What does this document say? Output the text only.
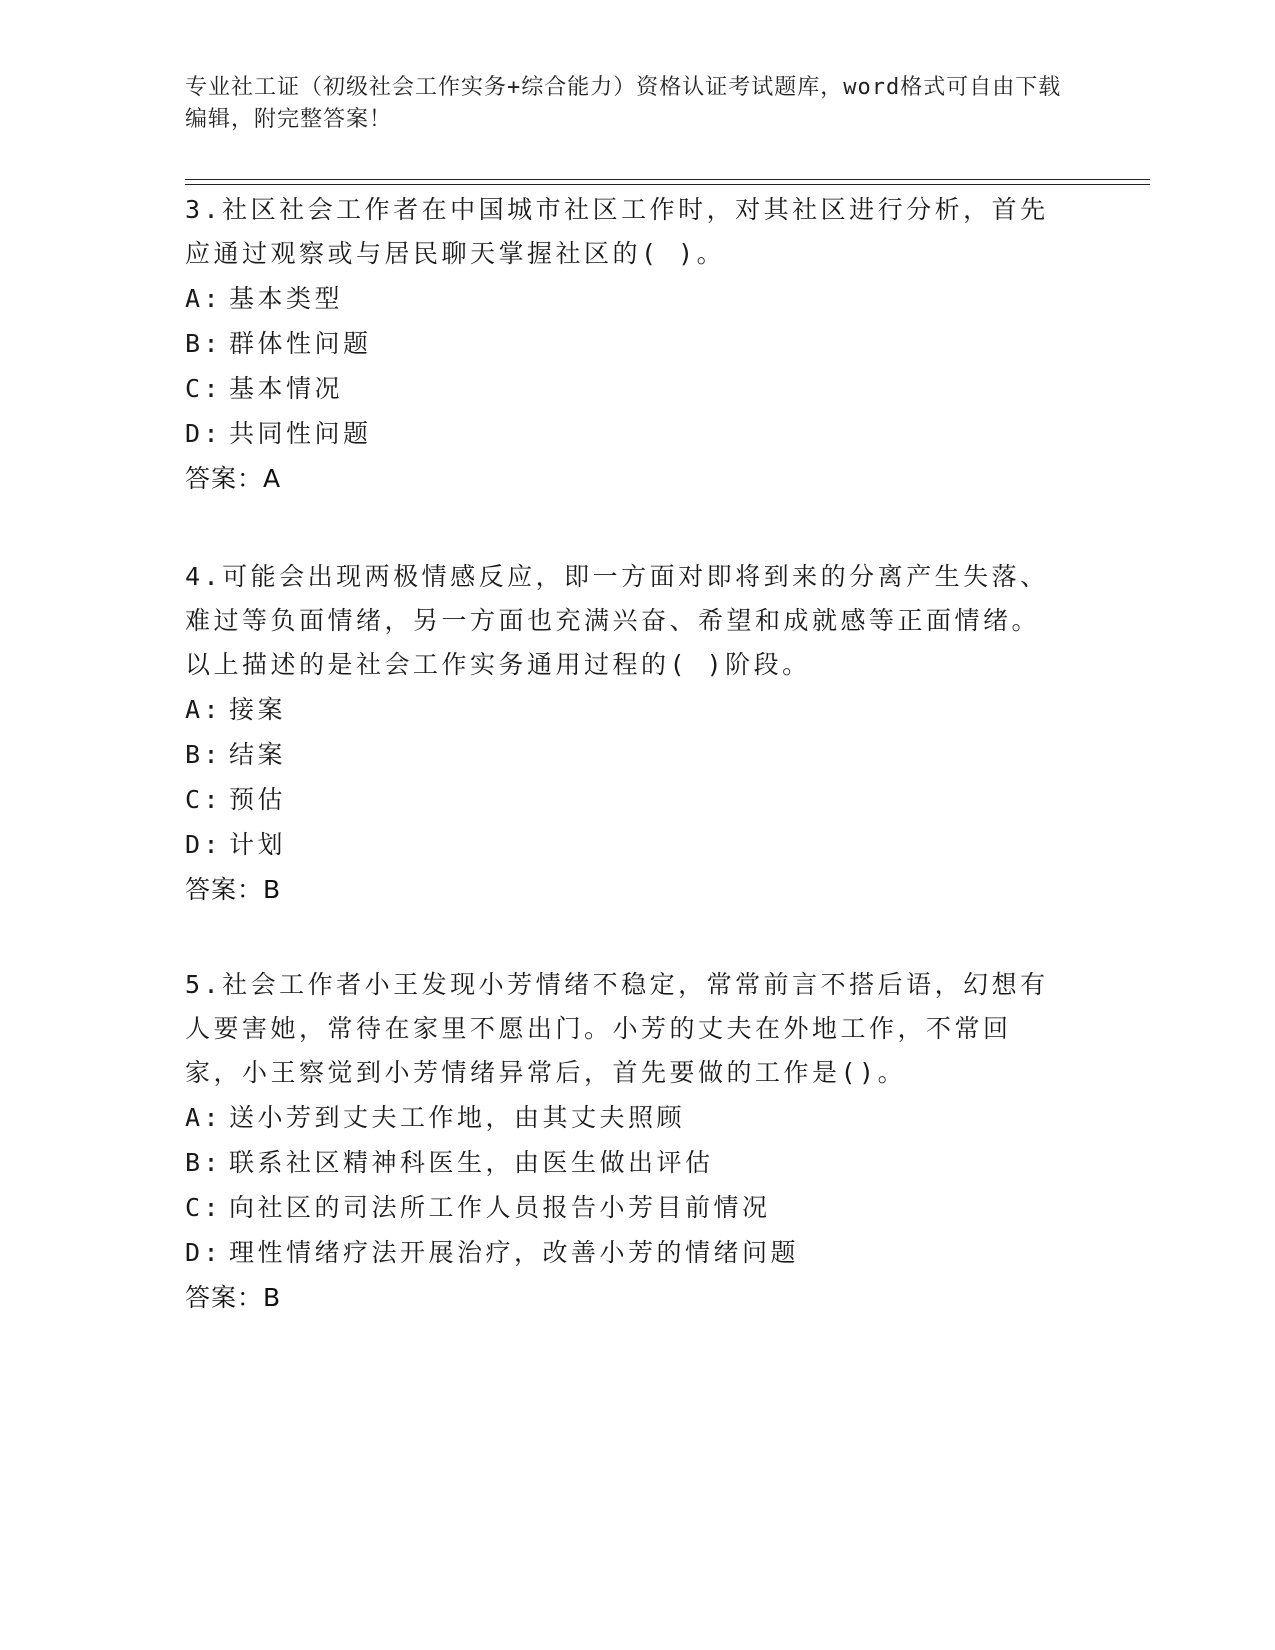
专业社工证（初级社会工作实务+综合能力）资格认证考试题库，word格式可自由下载编辑，附完整答案！
3.社区社会工作者在中国城市社区工作时，对其社区进行分析，首先应通过观察或与居民聊天掌握社区的( )。
A: 基本类型
B: 群体性问题
C: 基本情况
D: 共同性问题
答案：A
4.可能会出现两极情感反应，即一方面对即将到来的分离产生失落、难过等负面情绪，另一方面也充满兴奋、希望和成就感等正面情绪。以上描述的是社会工作实务通用过程的( )阶段。
A: 接案
B: 结案
C: 预估
D: 计划
答案：B
5.社会工作者小王发现小芳情绪不稳定，常常前言不搭后语，幻想有人要害她，常待在家里不愿出门。小芳的丈夫在外地工作，不常回家，小王察觉到小芳情绪异常后，首先要做的工作是()。
A: 送小芳到丈夫工作地，由其丈夫照顾
B: 联系社区精神科医生，由医生做出评估
C: 向社区的司法所工作人员报告小芳目前情况
D: 理性情绪疗法开展治疗，改善小芳的情绪问题
答案：B
